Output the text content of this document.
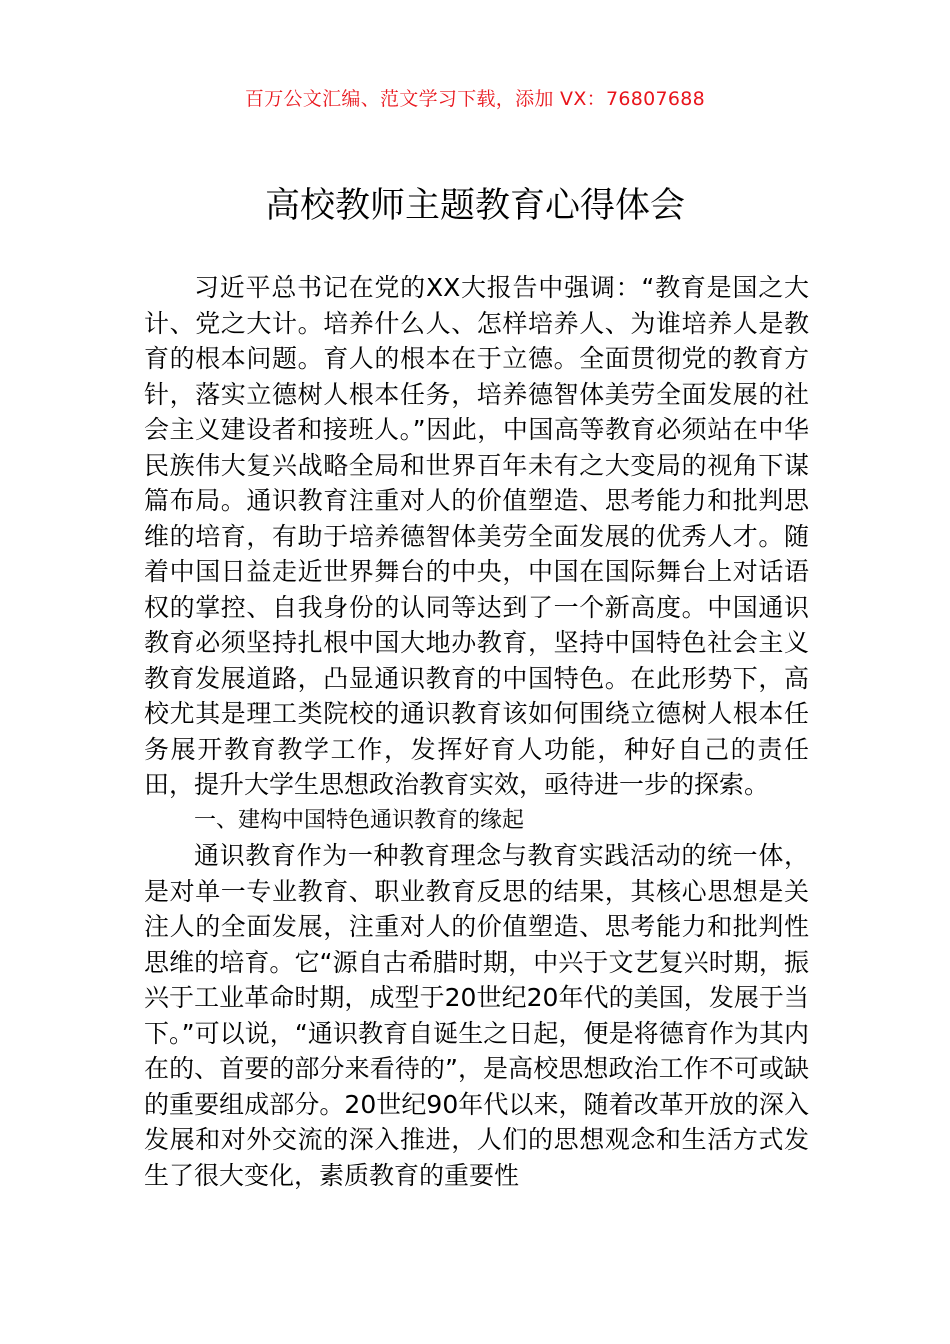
百万公文汇编、范文学习下载，添加 VX：76807688
高校教师主题教育心得体会

习近平总书记在党的XX大报告中强调：“教育是国之大计、党之大计。培养什么人、怎样培养人、为谁培养人是教育的根本问题。育人的根本在于立德。全面贯彻党的教育方针，落实立德树人根本任务，培养德智体美劳全面发展的社会主义建设者和接班人。”因此，中国高等教育必须站在中华民族伟大复兴战略全局和世界百年未有之大变局的视角下谋篇布局。通识教育注重对人的价值塑造、思考能力和批判思维的培育，有助于培养德智体美劳全面发展的优秀人才。随着中国日益走近世界舞台的中央，中国在国际舞台上对话语权的掌控、自我身份的认同等达到了一个新高度。中国通识教育必须坚持扎根中国大地办教育，坚持中国特色社会主义教育发展道路，凸显通识教育的中国特色。在此形势下，高校尤其是理工类院校的通识教育该如何围绕立德树人根本任务展开教育教学工作，发挥好育人功能，种好自己的责任田，提升大学生思想政治教育实效，亟待进一步的探索。

一、建构中国特色通识教育的缘起

通识教育作为一种教育理念与教育实践活动的统一体，是对单一专业教育、职业教育反思的结果，其核心思想是关注人的全面发展，注重对人的价值塑造、思考能力和批判性思维的培育。它“源自古希腊时期，中兴于文艺复兴时期，振兴于工业革命时期，成型于20世纪20年代的美国，发展于当下。”可以说，“通识教育自诞生之日起，便是将德育作为其内在的、首要的部分来看待的”，是高校思想政治工作不可或缺的重要组成部分。20世纪90年代以来，随着改革开放的深入发展和对外交流的深入推进，人们的思想观念和生活方式发生了很大变化，素质教育的重要性
